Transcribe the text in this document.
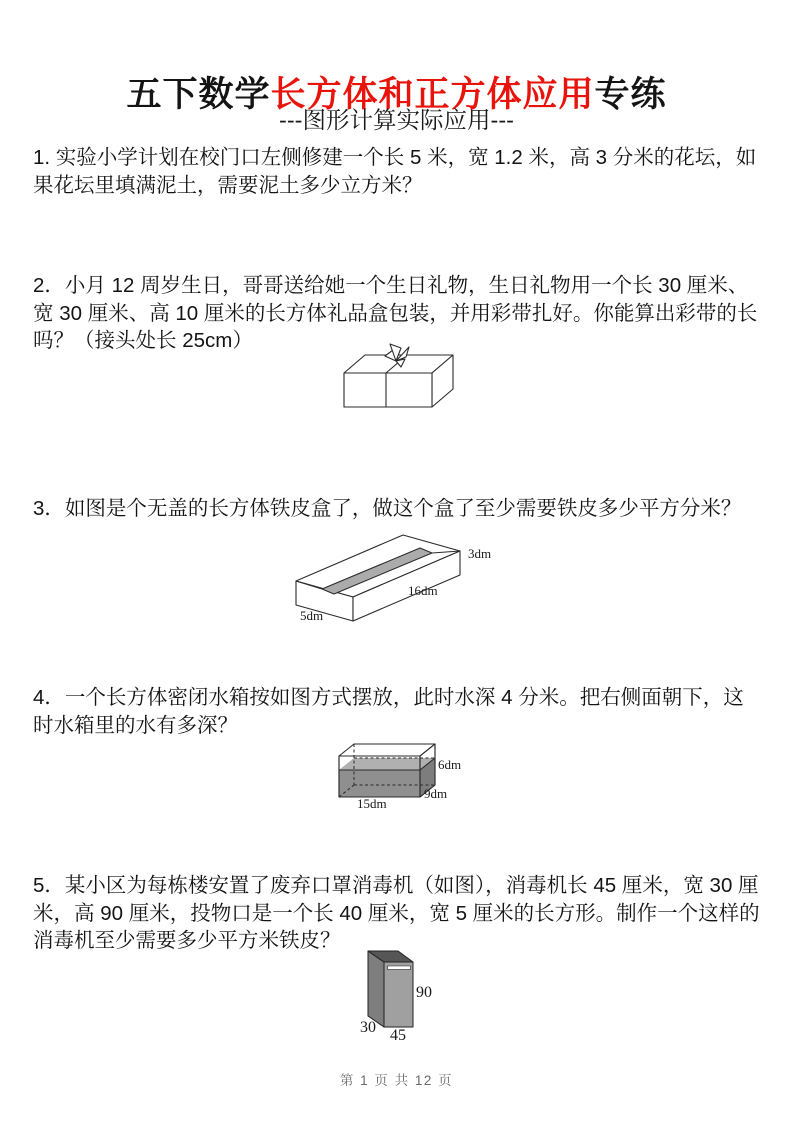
五下数学长方体和正方体应用专练
---图形计算实际应用---

1. 实验小学计划在校门口左侧修建一个长 5 米，宽 1.2 米，高 3 分米的花坛，如果花坛里填满泥土，需要泥土多少立方米？

2．小月 12 周岁生日，哥哥送给她一个生日礼物，生日礼物用一个长 30 厘米、宽 30 厘米、高 10 厘米的长方体礼品盒包装，并用彩带扎好。你能算出彩带的长吗？（接头处长 25cm）

3．如图是个无盖的长方体铁皮盒了，做这个盒了至少需要铁皮多少平方分米？

3dm
16dm
5dm

4．一个长方体密闭水箱按如图方式摆放，此时水深 4 分米。把右侧面朝下，这时水箱里的水有多深？

6dm
9dm
15dm

5．某小区为每栋楼安置了废弃口罩消毒机（如图），消毒机长 45 厘米，宽 30 厘米，高 90 厘米，投物口是一个长 40 厘米，宽 5 厘米的长方形。制作一个这样的消毒机至少需要多少平方米铁皮？

90
30 45
第 1 页 共 12 页
